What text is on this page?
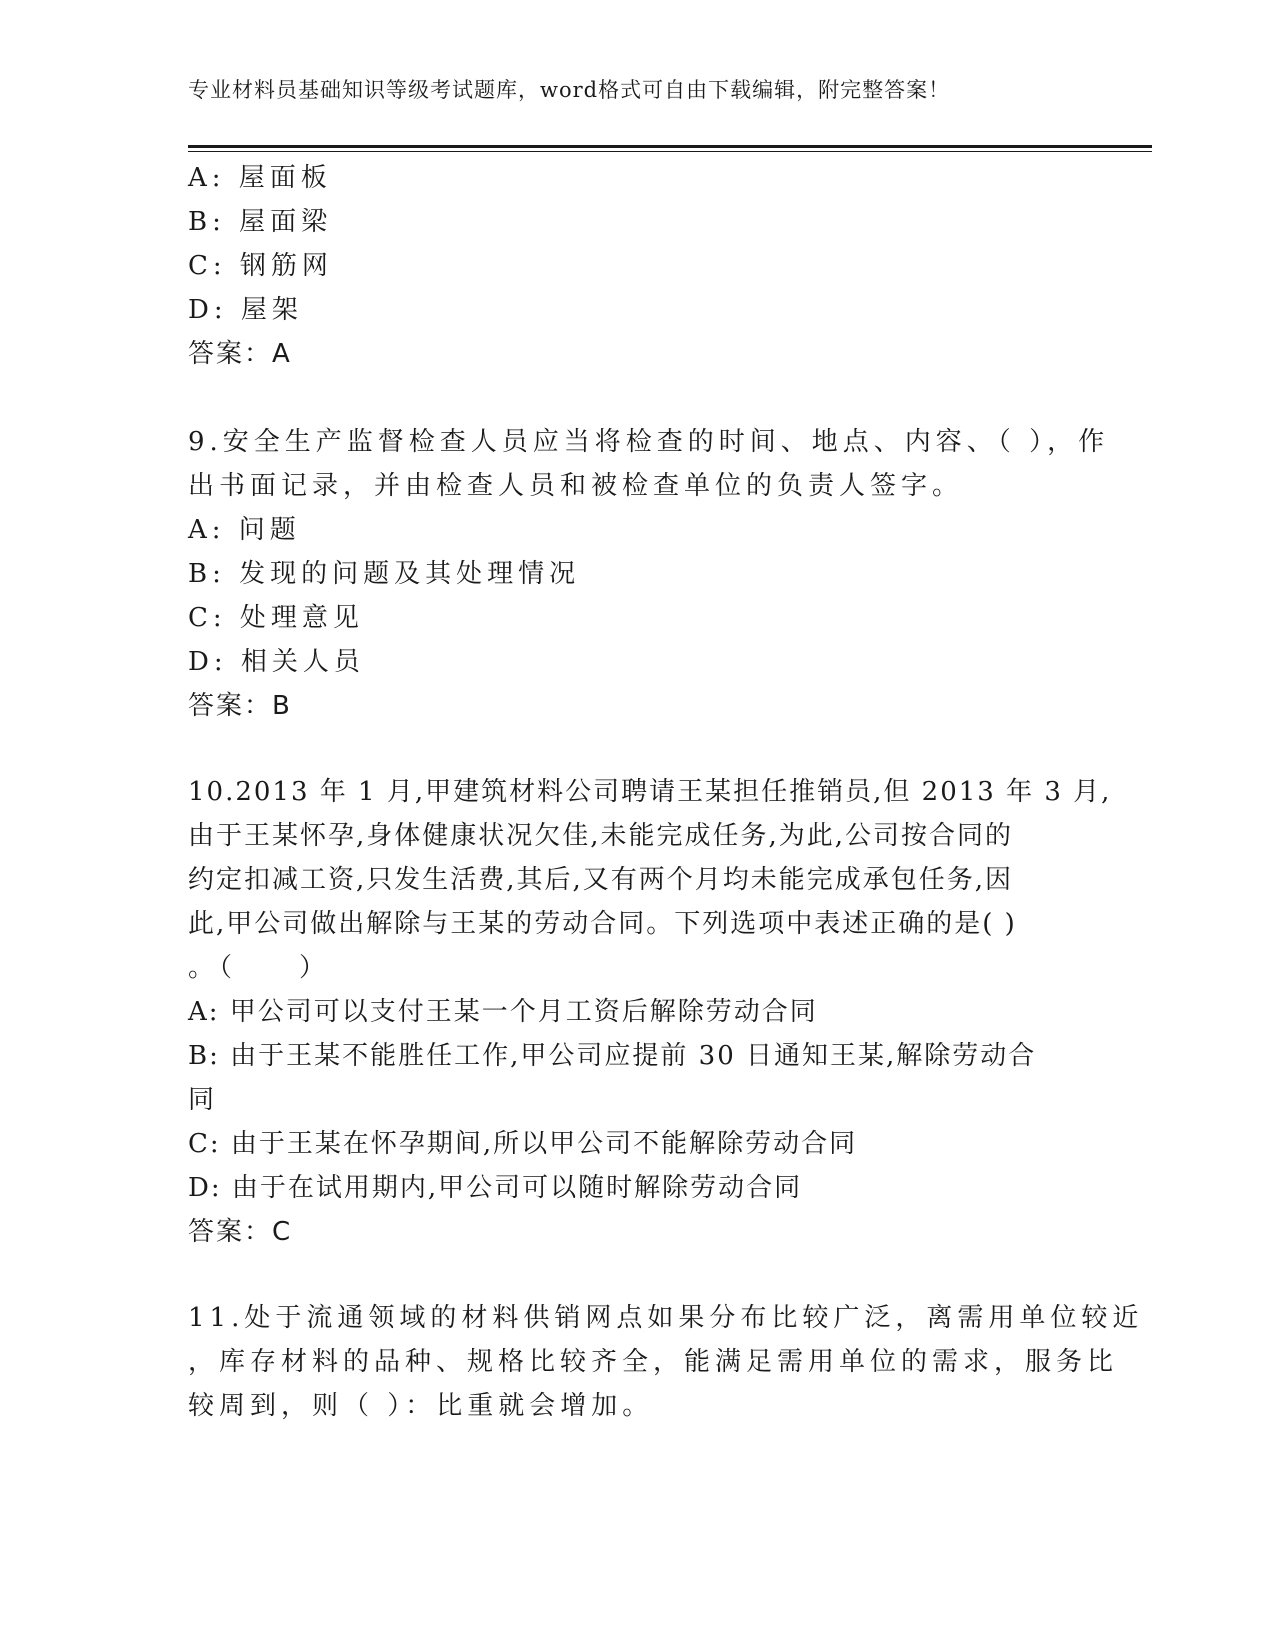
专业材料员基础知识等级考试题库，word格式可自由下载编辑，附完整答案！
A: 屋面板
B: 屋面梁
C: 钢筋网
D: 屋架
答案：A
9.安全生产监督检查人员应当将检查的时间、地点、内容、（ ），作
出书面记录，并由检查人员和被检查单位的负责人签字。
A: 问题
B: 发现的问题及其处理情况
C: 处理意见
D: 相关人员
答案：B
10.2013 年 1 月,甲建筑材料公司聘请王某担任推销员,但 2013 年 3 月,
由于王某怀孕,身体健康状况欠佳,未能完成任务,为此,公司按合同的
约定扣减工资,只发生活费,其后,又有两个月均未能完成承包任务,因
此,甲公司做出解除与王某的劳动合同。下列选项中表述正确的是( )
。（　　）
A: 甲公司可以支付王某一个月工资后解除劳动合同
B: 由于王某不能胜任工作,甲公司应提前 30 日通知王某,解除劳动合
同
C: 由于王某在怀孕期间,所以甲公司不能解除劳动合同
D: 由于在试用期内,甲公司可以随时解除劳动合同
答案：C
11.处于流通领域的材料供销网点如果分布比较广泛，离需用单位较近
，库存材料的品种、规格比较齐全，能满足需用单位的需求，服务比
较周到，则（ ）：比重就会增加。
